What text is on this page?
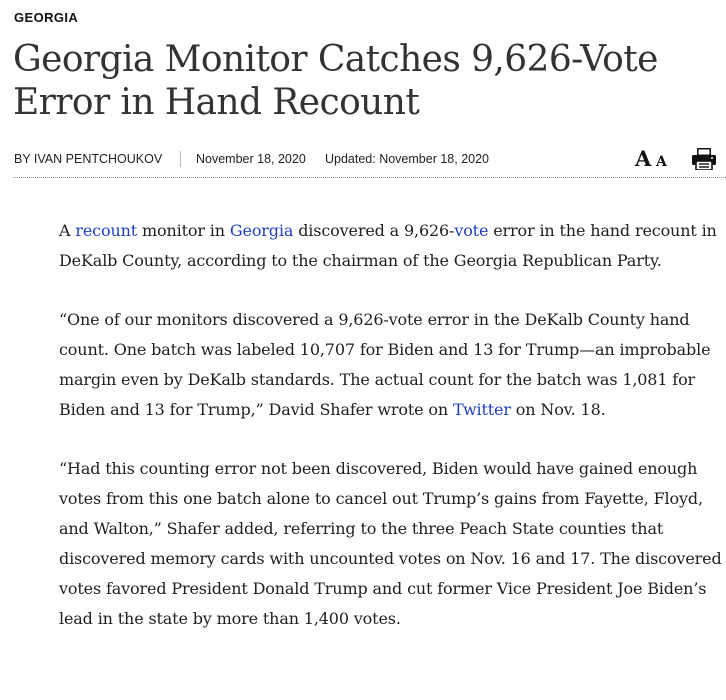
GEORGIA
Georgia Monitor Catches 9,626-Vote Error in Hand Recount
BY IVAN PENTCHOUKOV	November 18, 2020 Updated: November 18, 2020	A A

A recount monitor in Georgia discovered a 9,626-vote error in the hand recount in DeKalb County, according to the chairman of the Georgia Republican Party.

“One of our monitors discovered a 9,626-vote error in the DeKalb County hand count. One batch was labeled 10,707 for Biden and 13 for Trump—an improbable margin even by DeKalb standards. The actual count for the batch was 1,081 for Biden and 13 for Trump,” David Shafer wrote on Twitter on Nov. 18.

“Had this counting error not been discovered, Biden would have gained enough votes from this one batch alone to cancel out Trump’s gains from Fayette, Floyd, and Walton,” Shafer added, referring to the three Peach State counties that discovered memory cards with uncounted votes on Nov. 16 and 17. The discovered votes favored President Donald Trump and cut former Vice President Joe Biden’s lead in the state by more than 1,400 votes.
